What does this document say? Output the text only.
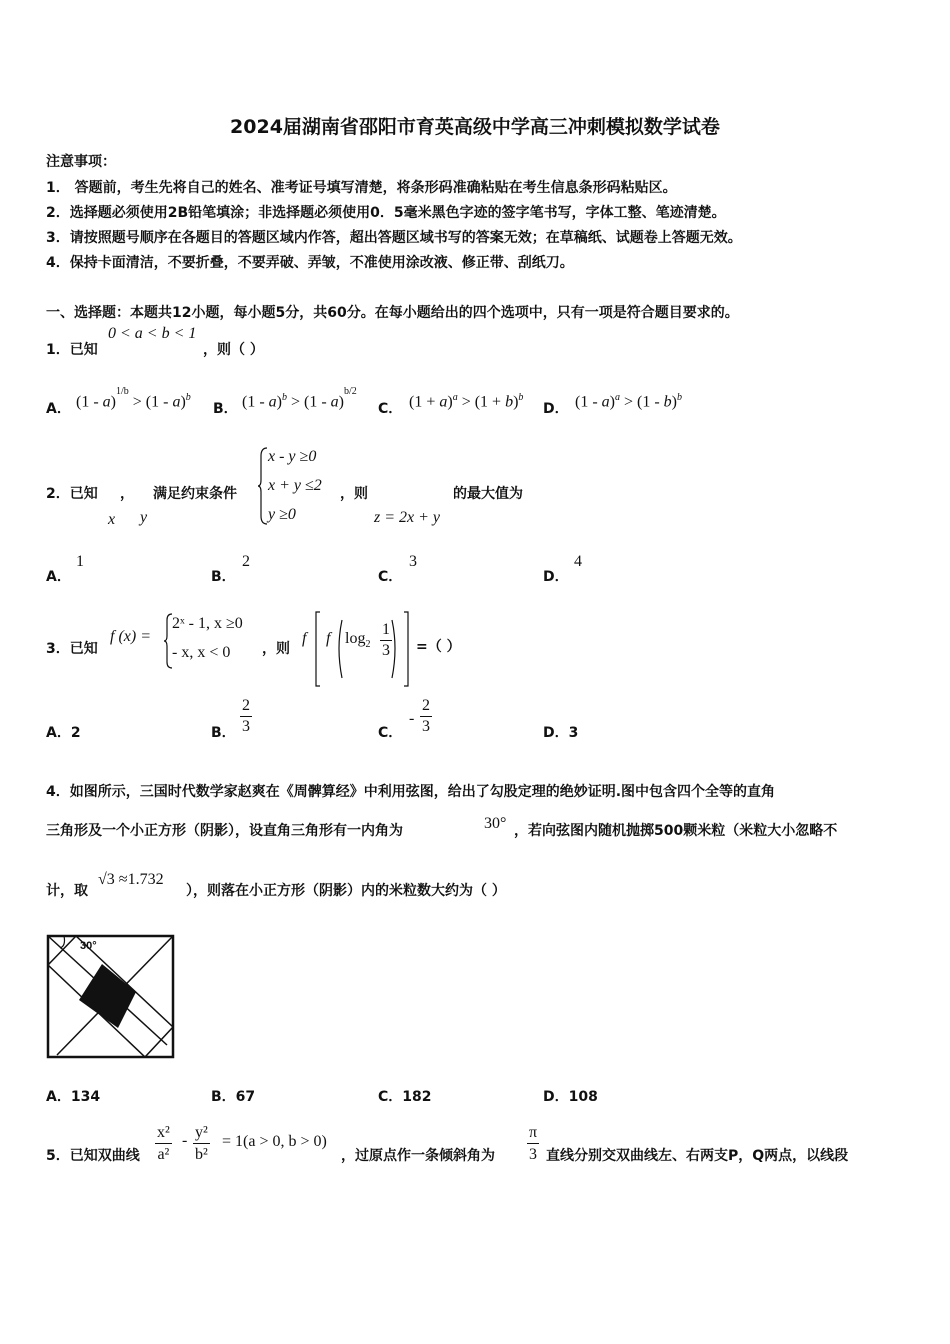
2024届湖南省邵阳市育英高级中学高三冲刺模拟数学试卷
注意事项：
1． 答题前，考生先将自己的姓名、准考证号填写清楚，将条形码准确粘贴在考生信息条形码粘贴区。
2．选择题必须使用2B铅笔填涂；非选择题必须使用0．5毫米黑色字迹的签字笔书写，字体工整、笔迹清楚。
3．请按照题号顺序在各题目的答题区域内作答，超出答题区域书写的答案无效；在草稿纸、试题卷上答题无效。
4．保持卡面清洁，不要折叠，不要弄破、弄皱，不准使用涂改液、修正带、刮纸刀。
一、选择题：本题共12小题，每小题5分，共60分。在每小题给出的四个选项中，只有一项是符合题目要求的。
1．已知
0 < a < b < 1
，则（ ）
A． (1 - a)$^{1/b}$ > (1 - a)$^b$
B． (1 - a)$^b$ > (1 - a)$^{b/2}$
C． $(1 + a)^a > (1 + b)^b$
D． (1 - a)$^a$ > (1 - b)$^b$
2．已知 ， 满足约束条件
x y
x - y ≥0
x + y ≤2
y ≥0
，则
z = 2x + y
的最大值为
A．
1
B．
2
C．
3
D．
4
3．已知
f (x) =
2ˣ - 1, x ≥0
- x, x < 0 ，则
f f $\log_2 \frac{1}{3}$ =（ ）
A．2	B． $\frac{2}{3}$	C．
- $\frac{2}{3}$	D．3
4．如图所示，三国时代数学家赵爽在《周髀算经》中利用弦图，给出了勾股定理的绝妙证明.图中包含四个全等的直角
三角形及一个小正方形（阴影），设直角三角形有一内角为	30° ，若向弦图内随机抛掷500颗米粒（米粒大小忽略不
计，取
√3 ≈1.732
），则落在小正方形（阴影）内的米粒数大约为（ ）
30°
A．134	B．67	C．182	D．108
5．已知双曲线 $\frac{\text{x²}}{\text{a²}} - \frac{\text{y²}}{\text{b²}} = 1(a > 0$, b > 0)
，过原点作一条倾斜角为 $\frac{\pi}{3}$ 直线分别交双曲线左、右两支P，Q两点，以线段
